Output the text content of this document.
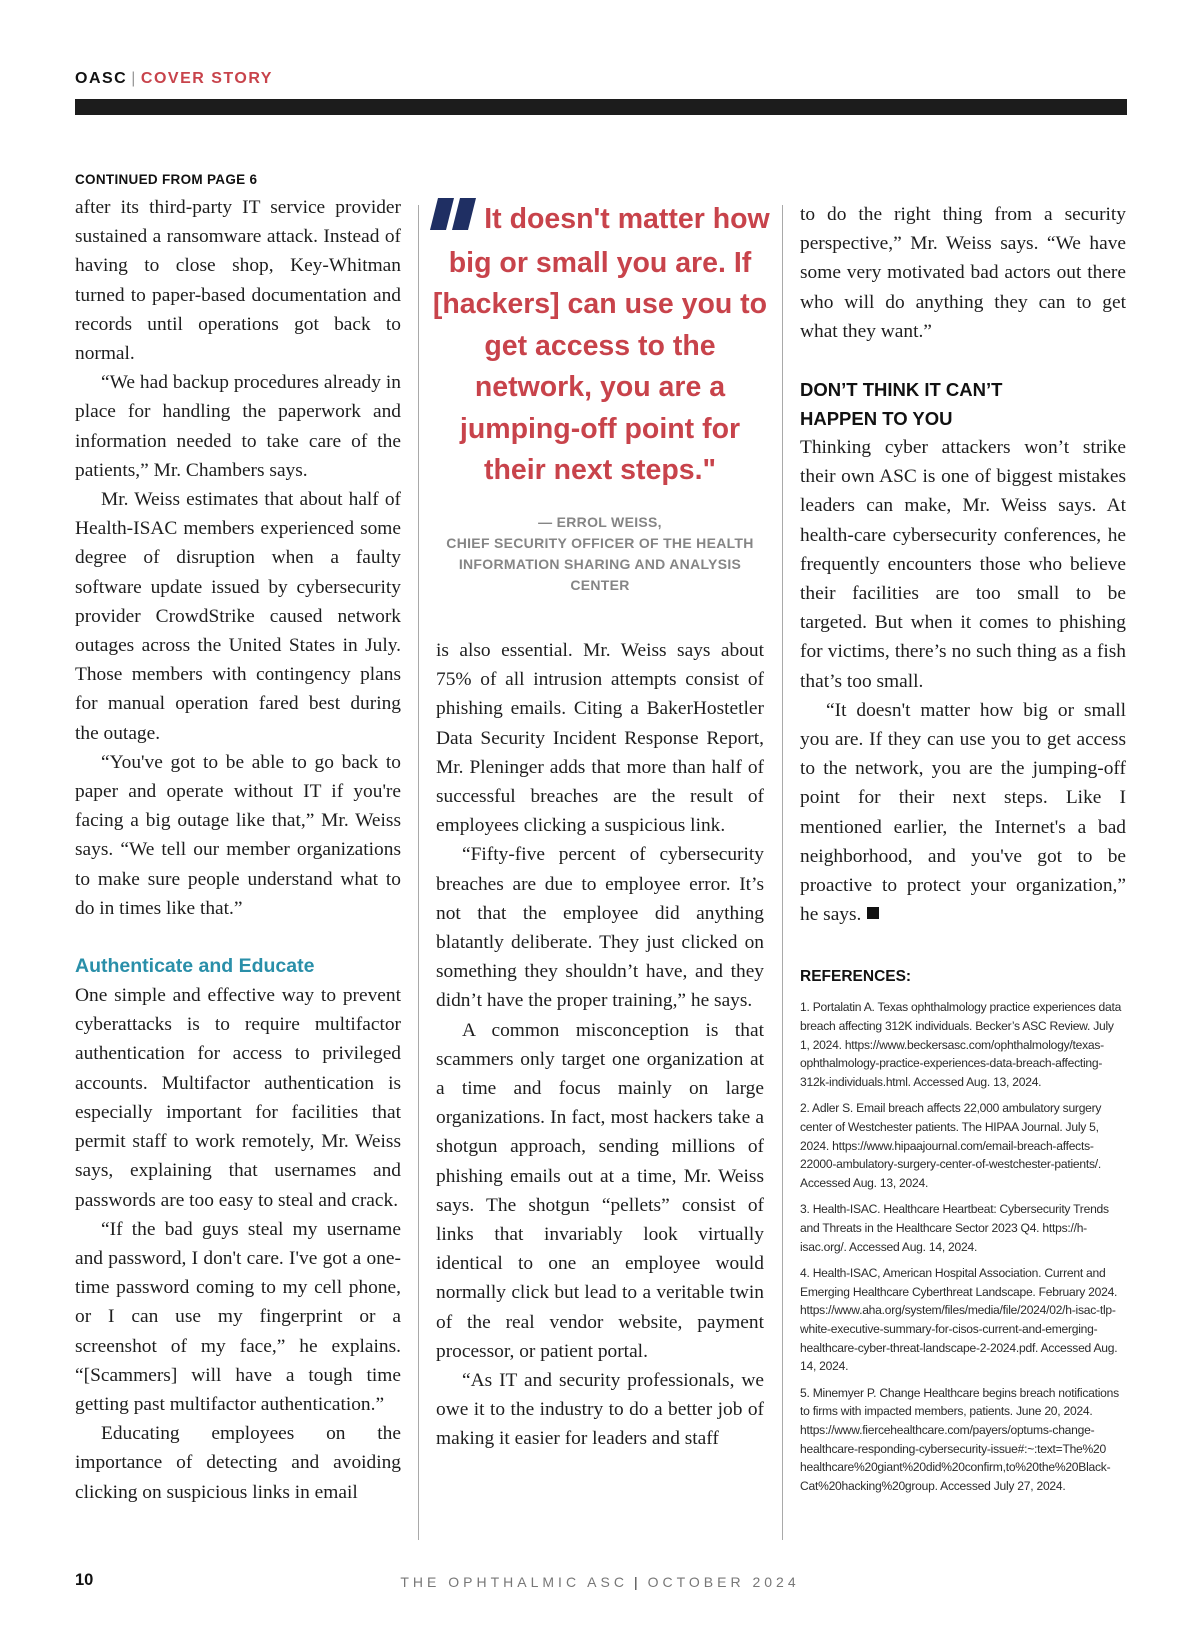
OASC | COVER STORY
CONTINUED FROM PAGE 6

after its third-party IT service provider sustained a ransomware attack. Instead of having to close shop, Key-Whitman turned to paper-based documentation and records until operations got back to normal.

“We had backup procedures already in place for handling the paperwork and information needed to take care of the patients,” Mr. Chambers says.

Mr. Weiss estimates that about half of Health-ISAC members experienced some degree of disruption when a faulty software update issued by cybersecurity provider CrowdStrike caused network outages across the United States in July. Those members with contingency plans for manual operation fared best during the outage.

“You've got to be able to go back to paper and operate without IT if you're facing a big outage like that,” Mr. Weiss says. “We tell our member organizations to make sure people understand what to do in times like that.”

Authenticate and Educate

One simple and effective way to prevent cyberattacks is to require multifactor authentication for access to privileged accounts. Multifactor authentication is especially important for facilities that permit staff to work remotely, Mr. Weiss says, explaining that usernames and passwords are too easy to steal and crack.

“If the bad guys steal my username and password, I don't care. I've got a one-time password coming to my cell phone, or I can use my fingerprint or a screenshot of my face,” he explains. “[Scammers] will have a tough time getting past multifactor authentication.”

Educating employees on the importance of detecting and avoiding clicking on suspicious links in email

It doesn't matter how big or small you are. If [hackers] can use you to get access to the network, you are a jumping-off point for their next steps."

— ERROL WEISS,
CHIEF SECURITY OFFICER OF THE HEALTH INFORMATION SHARING AND ANALYSIS CENTER

is also essential. Mr. Weiss says about 75% of all intrusion attempts consist of phishing emails. Citing a BakerHostetler Data Security Incident Response Report, Mr. Pleninger adds that more than half of successful breaches are the result of employees clicking a suspicious link.

“Fifty-five percent of cybersecurity breaches are due to employee error. It’s not that the employee did anything blatantly deliberate. They just clicked on something they shouldn’t have, and they didn’t have the proper training,” he says.

A common misconception is that scammers only target one organization at a time and focus mainly on large organizations. In fact, most hackers take a shotgun approach, sending millions of phishing emails out at a time, Mr. Weiss says. The shotgun “pellets” consist of links that invariably look virtually identical to one an employee would normally click but lead to a veritable twin of the real vendor website, payment processor, or patient portal.

“As IT and security professionals, we owe it to the industry to do a better job of making it easier for leaders and staff

to do the right thing from a security perspective,” Mr. Weiss says. “We have some very motivated bad actors out there who will do anything they can to get what they want.”

DON’T THINK IT CAN’T
HAPPEN TO YOU

Thinking cyber attackers won’t strike their own ASC is one of biggest mistakes leaders can make, Mr. Weiss says. At health-care cybersecurity conferences, he frequently encounters those who believe their facilities are too small to be targeted. But when it comes to phishing for victims, there’s no such thing as a fish that’s too small.

“It doesn't matter how big or small you are. If they can use you to get access to the network, you are the jumping-off point for their next steps. Like I mentioned earlier, the Internet's a bad neighborhood, and you've got to be proactive to protect your organization,” he says.

REFERENCES:

1. Portalatin A. Texas ophthalmology practice experiences data breach affecting 312K individuals. Becker’s ASC Review. July 1, 2024. https://www.beckersasc.com/ophthalmology/texas-ophthalmology-practice-experiences-data-breach-affecting-312k-individuals.html. Accessed Aug. 13, 2024.

2. Adler S. Email breach affects 22,000 ambulatory surgery center of Westchester patients. The HIPAA Journal. July 5, 2024. https://www.hipaajournal.com/email-breach-affects-22000-ambulatory-surgery-center-of-westchester-patients/. Accessed Aug. 13, 2024.

3. Health-ISAC. Healthcare Heartbeat: Cybersecurity Trends and Threats in the Healthcare Sector 2023 Q4. https://h-isac.org/. Accessed Aug. 14, 2024.

4. Health-ISAC, American Hospital Association. Current and Emerging Healthcare Cyberthreat Landscape. February 2024. https://www.aha.org/system/files/media/file/2024/02/h-isac-tlp-white-executive-summary-for-cisos-current-and-emerging-healthcare-cyber-threat-landscape-2-2024.pdf. Accessed Aug. 14, 2024.

5. Minemyer P. Change Healthcare begins breach notifications to firms with impacted members, patients. June 20, 2024. https://www.fiercehealthcare.com/payers/optums-change-healthcare-responding-cybersecurity-issue#:~:text=The%20 healthcare%20giant%20did%20confirm,to%20the%20Black-Cat%20hacking%20group. Accessed July 27, 2024.

10	THE OPHTHALMIC ASC | OCTOBER 2024
